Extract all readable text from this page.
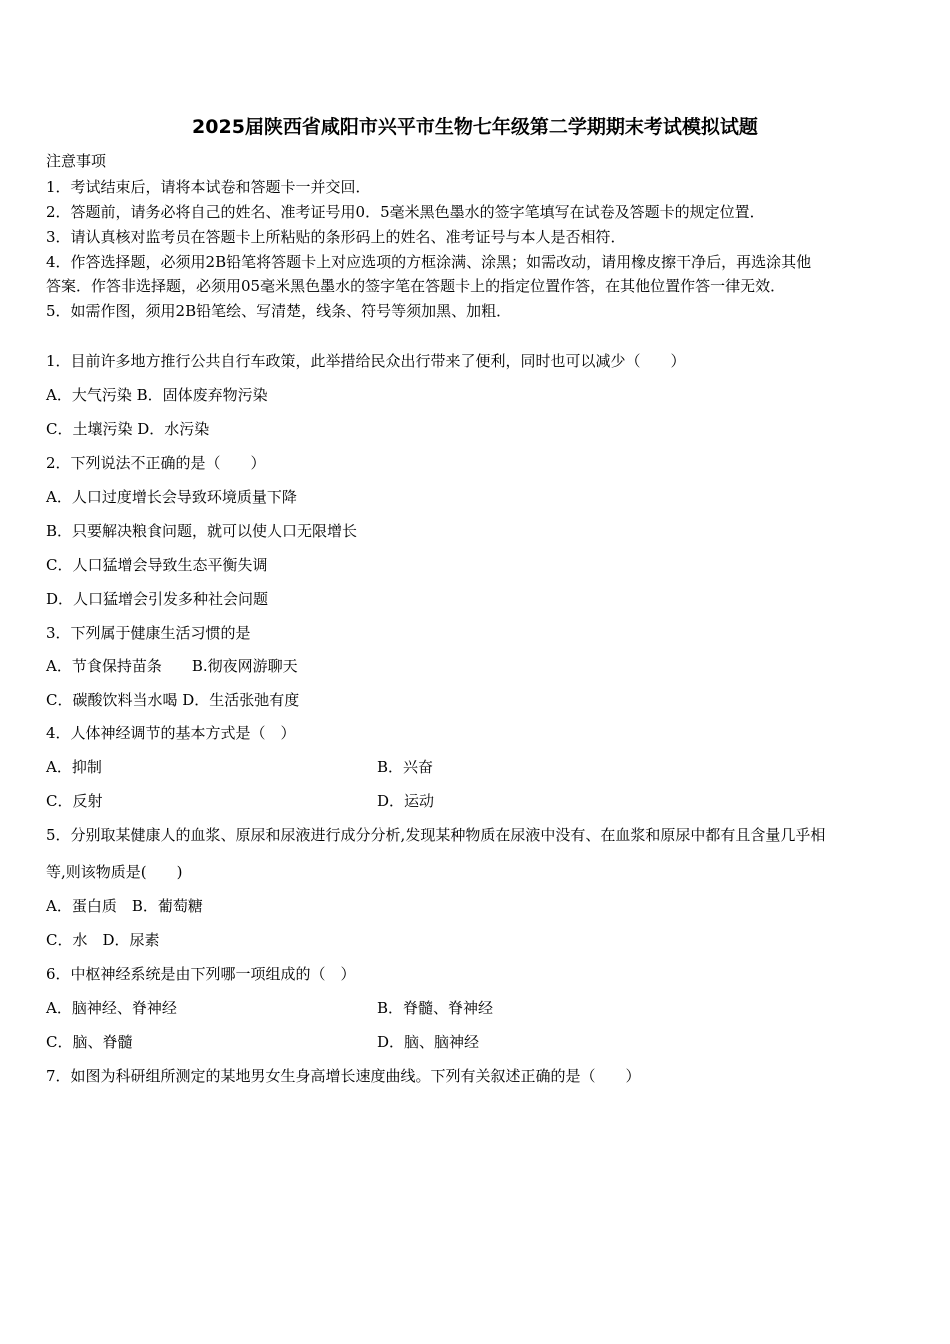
2025届陕西省咸阳市兴平市生物七年级第二学期期末考试模拟试题
注意事项
1．考试结束后，请将本试卷和答题卡一并交回．
2．答题前，请务必将自己的姓名、准考证号用0．5毫米黑色墨水的签字笔填写在试卷及答题卡的规定位置．
3．请认真核对监考员在答题卡上所粘贴的条形码上的姓名、准考证号与本人是否相符．
4．作答选择题，必须用2B铅笔将答题卡上对应选项的方框涂满、涂黑；如需改动，请用橡皮擦干净后，再选涂其他
答案．作答非选择题，必须用05毫米黑色墨水的签字笔在答题卡上的指定位置作答，在其他位置作答一律无效．
5．如需作图，须用2B铅笔绘、写清楚，线条、符号等须加黑、加粗．
1．目前许多地方推行公共自行车政策，此举措给民众出行带来了便利，同时也可以减少（　　）
A．大气污染 B．固体废弃物污染
C．土壤污染 D．水污染
2．下列说法不正确的是（　　）
A．人口过度增长会导致环境质量下降
B．只要解决粮食问题，就可以使人口无限增长
C．人口猛增会导致生态平衡失调
D．人口猛增会引发多种社会问题
3．下列属于健康生活习惯的是
A．节食保持苗条　　B.彻夜网游聊天
C．碳酸饮料当水喝 D．生活张弛有度
4．人体神经调节的基本方式是（　）
A．抑制	B．兴奋
C．反射	D．运动
5．分别取某健康人的血浆、原尿和尿液进行成分分析,发现某种物质在尿液中没有、在血浆和原尿中都有且含量几乎相
等,则该物质是(　　)
A．蛋白质　B．葡萄糖
C．水　D．尿素
6．中枢神经系统是由下列哪一项组成的（　）
A．脑神经、脊神经	B．脊髓、脊神经
C．脑、脊髓	D．脑、脑神经
7．如图为科研组所测定的某地男女生身高增长速度曲线。下列有关叙述正确的是（　　）
